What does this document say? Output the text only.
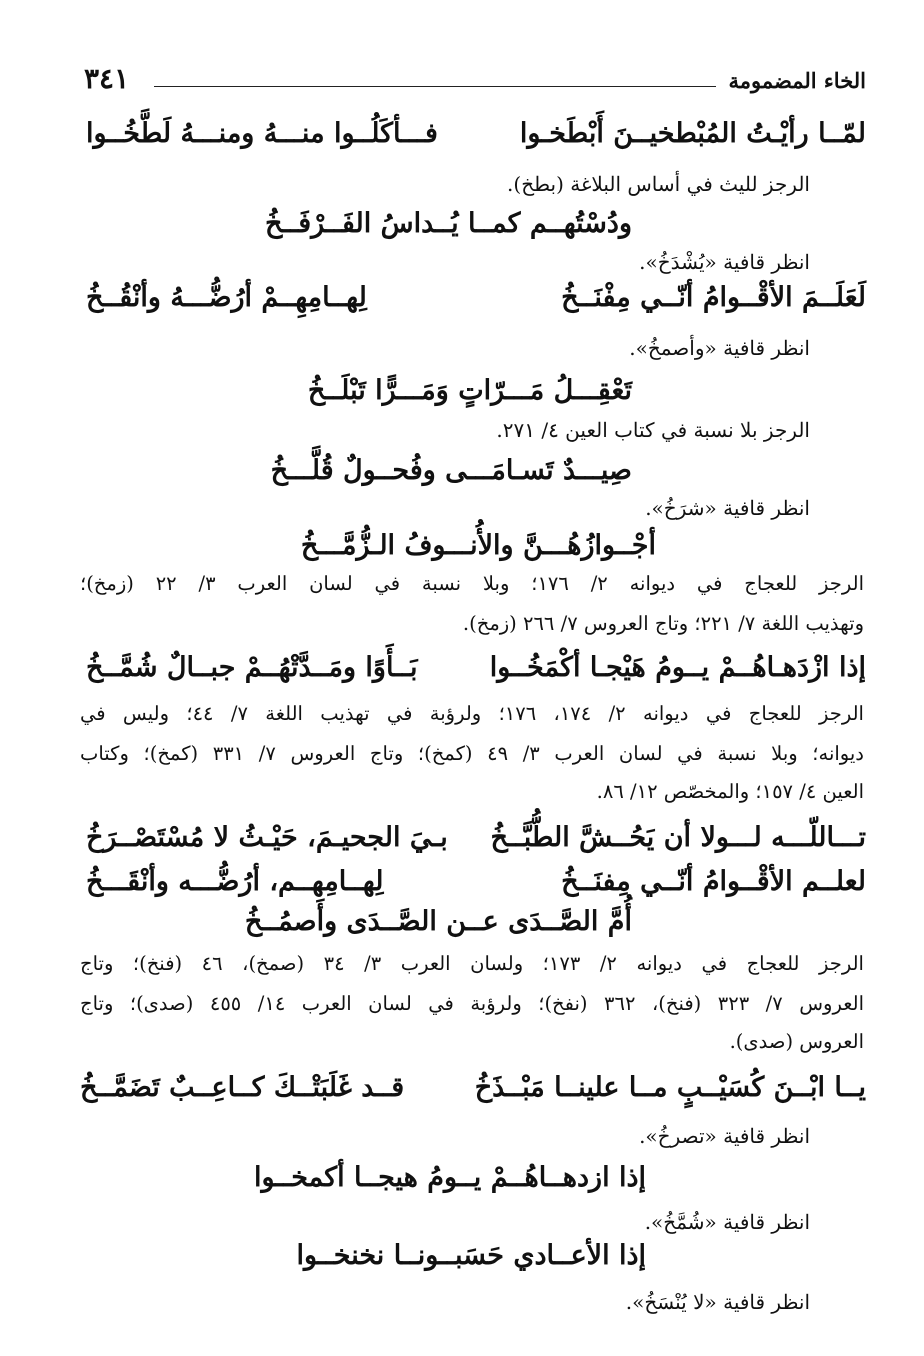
الخاء المضمومة
٣٤١
لمّــا رأيْـتُ المُبْطخيــنَ أَبْطَخـوا
فـــأكَلُــوا منـــهُ ومنـــهُ لَطَّخُــوا
الرجز لليث في أساس البلاغة (بطخ).
ودُسْتُهــم كمــا يُــداسُ الفَــرْفَــخُ
انظر قافية «يُشْدَخُ».
لَعَلَــمَ الأقْــوامُ أنّــي مِفْنَــخُ
لِهــامِهِــمْ أرُضُّـــهُ وأنْقُــخُ
انظر قافية «وأصمخُ».
تَعْقِـــلُ مَـــرّاتٍ وَمَـــرًّا تَبْلَــخُ
الرجز بلا نسبة في كتاب العين ٤/ ٢٧١.
صِيـــدٌ تَسـامَـــى وفُحــولٌ قُلَّـــخُ
انظر قافية «شرَخُ».
أجْــوازُهُـــنَّ والأُنـــوفُ الـزُّمَّـــخُ
الرجز للعجاج في ديوانه ٢/ ١٧٦؛ وبلا نسبة في لسان العرب ٣/ ٢٢ (زمخ)؛
وتهذيب اللغة ٧/ ٢٢١؛ وتاج العروس ٧/ ٢٦٦ (زمخ).
إذا ازْدَهـاهُــمْ يــومُ هَيْجـا أكْمَخُــوا
بَــأَوًا ومَــدَّتْهُــمْ جبــالٌ شُمَّــخُ
الرجز للعجاج في ديوانه ٢/ ١٧٤، ١٧٦؛ ولرؤبة في تهذيب اللغة ٧/ ٤٤؛ وليس في
ديوانه؛ وبلا نسبة في لسان العرب ٣/ ٤٩ (كمخ)؛ وتاج العروس ٧/ ٣٣١ (كمخ)؛ وكتاب
العين ٤/ ١٥٧؛ والمخصّص ١٢/ ٨٦.
تـــاللّـــه لـــولا أن يَحُــشَّ الطُّبَّــخُ
بـيَ الجحيـمَ، حَيْـثُ لا مُسْتَصْــرَخُ
لعلــم الأقْــوامُ أنّــي مِفنَــخُ
لِهــامِهــم، أرُضُّـــه وأنْقَـــخُ
أُمَّ الصَّــدَى عــن الصَّــدَى وأَصمُــخُ
الرجز للعجاج في ديوانه ٢/ ١٧٣؛ ولسان العرب ٣/ ٣٤ (صمخ)، ٤٦ (فنخ)؛ وتاج
العروس ٧/ ٣٢٣ (فنخ)، ٣٦٢ (نفخ)؛ ولرؤبة في لسان العرب ١٤/ ٤٥٥ (صدى)؛ وتاج
العروس (صدى).
يــا ابْــنَ كُسَيْــبٍ مــا علينــا مَبْــذَخُ
قــد غَلَبَتْــكَ كــاعِــبٌ تَضَمَّــخُ
انظر قافية «تصرخُ».
إذا ازدهــاهُــمْ يــومُ هيجــا أكمخــوا
انظر قافية «شُمَّخُ».
إذا الأعــادي حَسَبــونــا نخنخــوا
انظر قافية «لا يُنْسَخُ».
